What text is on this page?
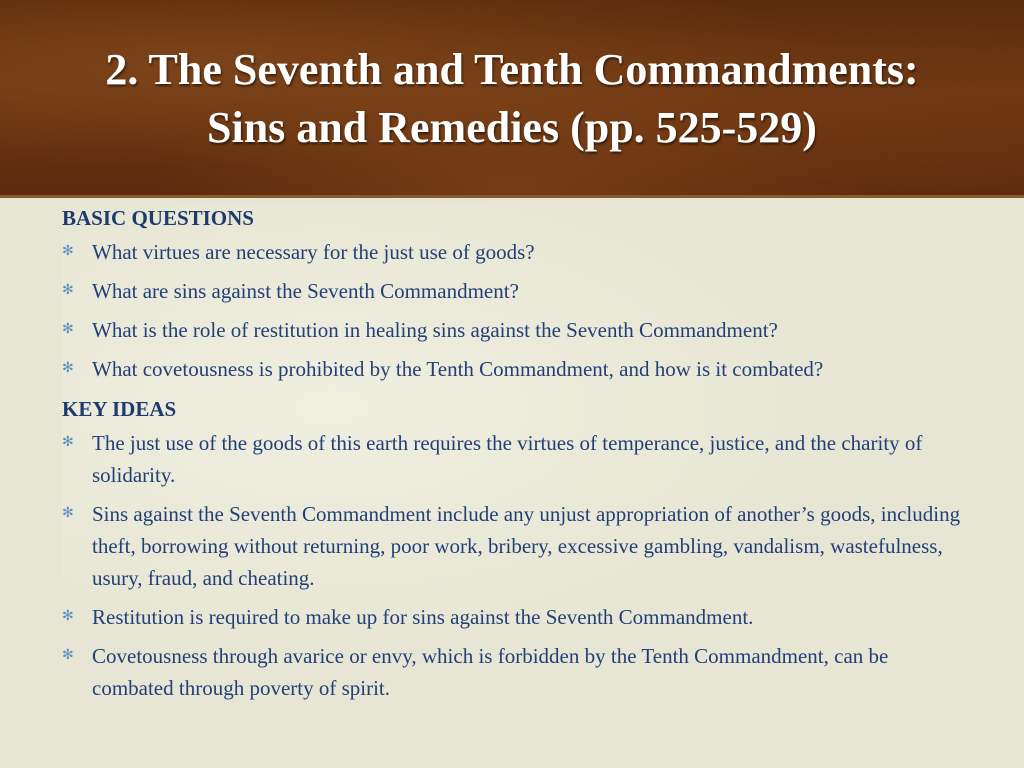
2. The Seventh and Tenth Commandments:
Sins and Remedies (pp. 525-529)

BASIC QUESTIONS

✻ What virtues are necessary for the just use of goods?
✻ What are sins against the Seventh Commandment?
✻ What is the role of restitution in healing sins against the Seventh Commandment?
✻ What covetousness is prohibited by the Tenth Commandment, and how is it combated?

KEY IDEAS

✻ The just use of the goods of this earth requires the virtues of temperance, justice, and the charity of solidarity.
✻ Sins against the Seventh Commandment include any unjust appropriation of another’s goods, including theft, borrowing without returning, poor work, bribery, excessive gambling, vandalism, wastefulness, usury, fraud, and cheating.
✻ Restitution is required to make up for sins against the Seventh Commandment.
✻ Covetousness through avarice or envy, which is forbidden by the Tenth Commandment, can be combated through poverty of spirit.
